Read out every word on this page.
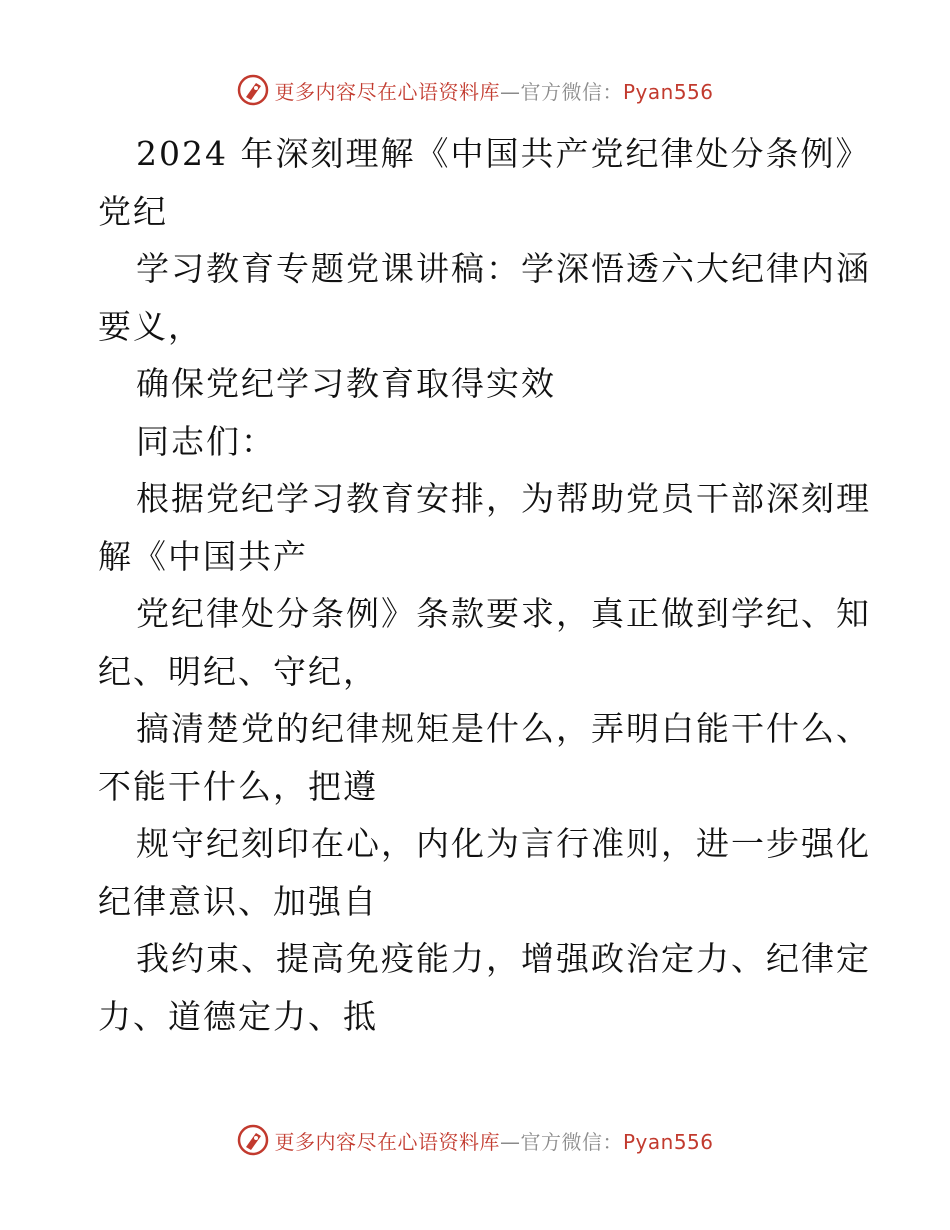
更多内容尽在心语资料库—官方微信：Pyan556
2024 年深刻理解《中国共产党纪律处分条例》
党纪
学习教育专题党课讲稿：学深悟透六大纪律内涵
要义，
确保党纪学习教育取得实效
同志们：
根据党纪学习教育安排，为帮助党员干部深刻理
解《中国共产
党纪律处分条例》条款要求，真正做到学纪、知
纪、明纪、守纪，
搞清楚党的纪律规矩是什么，弄明白能干什么、
不能干什么，把遵
规守纪刻印在心，内化为言行准则，进一步强化
纪律意识、加强自
我约束、提高免疫能力，增强政治定力、纪律定
力、道德定力、抵
更多内容尽在心语资料库—官方微信：Pyan556
